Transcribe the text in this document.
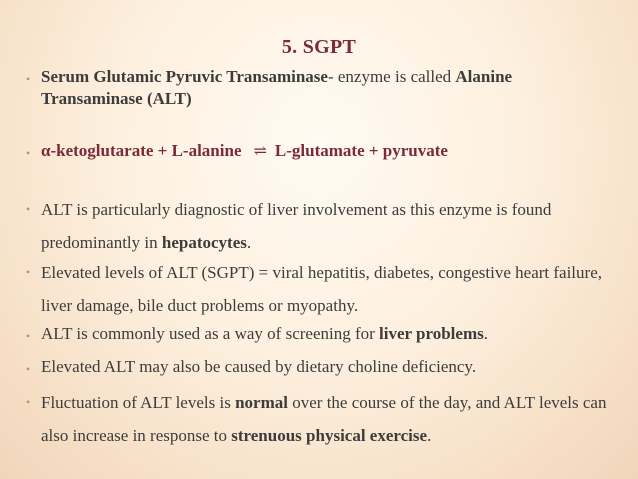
5. SGPT
• Serum Glutamic Pyruvic Transaminase- enzyme is called Alanine Transaminase (ALT)
• α-ketoglutarate + L-alanine ⇌ L-glutamate + pyruvate
• ALT is particularly diagnostic of liver involvement as this enzyme is found predominantly in hepatocytes.
• Elevated levels of ALT (SGPT) = viral hepatitis, diabetes, congestive heart failure, liver damage, bile duct problems or myopathy.
• ALT is commonly used as a way of screening for liver problems.
• Elevated ALT may also be caused by dietary choline deficiency.
• Fluctuation of ALT levels is normal over the course of the day, and ALT levels can also increase in response to strenuous physical exercise.
